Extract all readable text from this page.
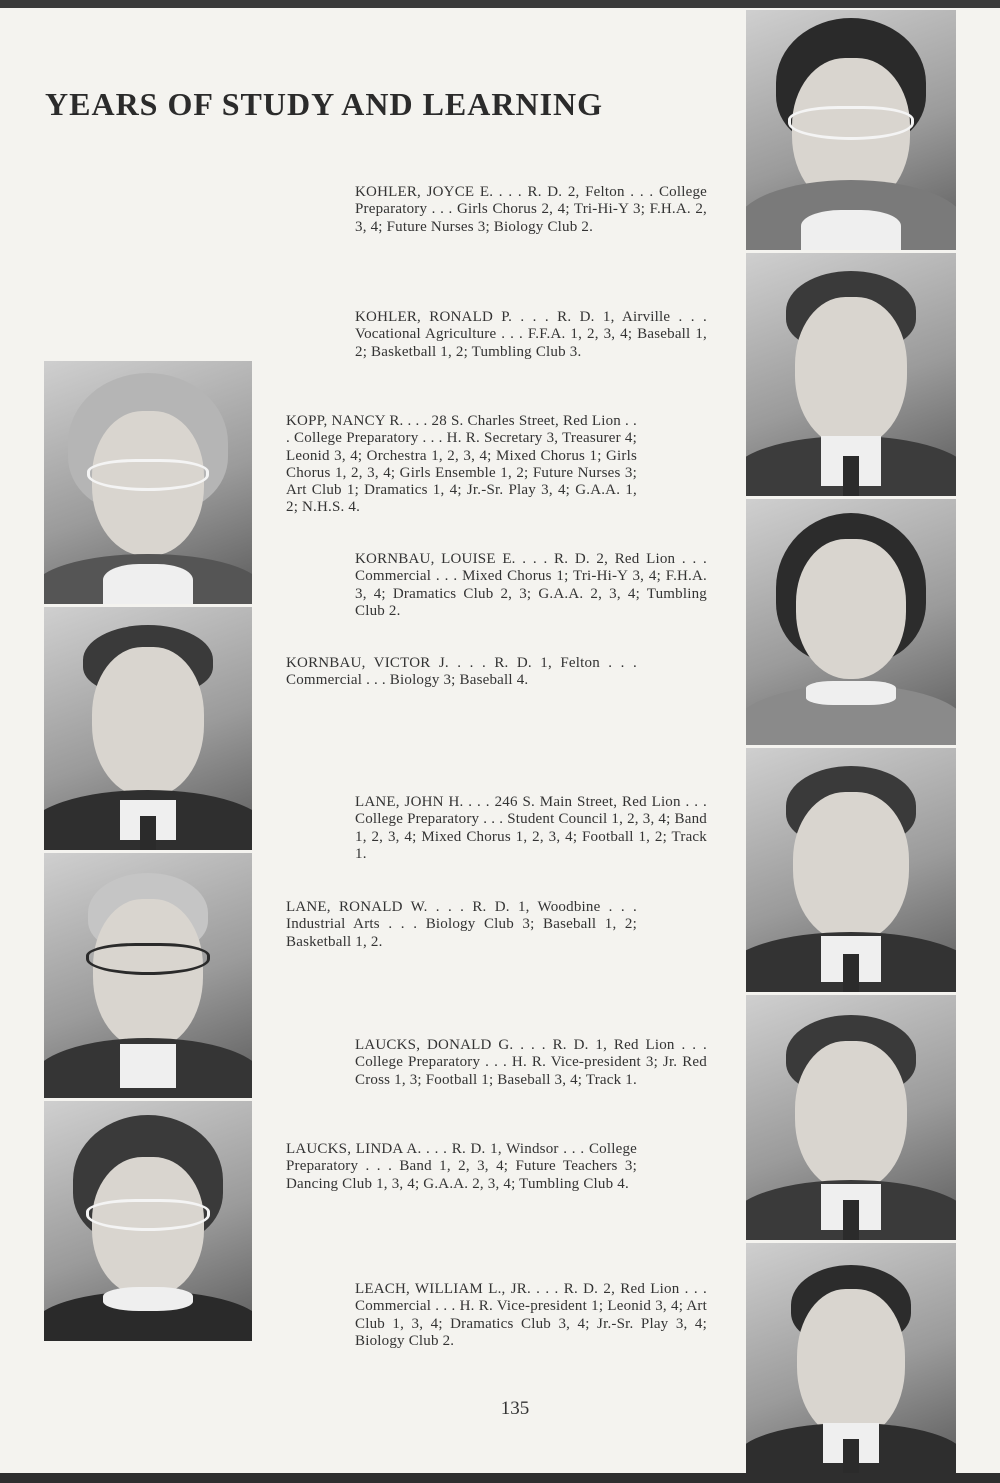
YEARS OF STUDY AND LEARNING

KOHLER, JOYCE E. . . . R. D. 2, Felton . . . College Preparatory . . . Girls Chorus 2, 4; Tri-Hi-Y 3; F.H.A. 2, 3, 4; Future Nurses 3; Biology Club 2.

KOHLER, RONALD P. . . . R. D. 1, Airville . . . Vocational Agriculture . . . F.F.A. 1, 2, 3, 4; Baseball 1, 2; Basketball 1, 2; Tumbling Club 3.

KOPP, NANCY R. . . . 28 S. Charles Street, Red Lion . . . College Preparatory . . . H. R. Secretary 3, Treasurer 4; Leonid 3, 4; Orchestra 1, 2, 3, 4; Mixed Chorus 1; Girls Chorus 1, 2, 3, 4; Girls Ensemble 1, 2; Future Nurses 3; Art Club 1; Dramatics 1, 4; Jr.-Sr. Play 3, 4; G.A.A. 1, 2; N.H.S. 4.

KORNBAU, LOUISE E. . . . R. D. 2, Red Lion . . . Commercial . . . Mixed Chorus 1; Tri-Hi-Y 3, 4; F.H.A. 3, 4; Dramatics Club 2, 3; G.A.A. 2, 3, 4; Tumbling Club 2.

KORNBAU, VICTOR J. . . . R. D. 1, Felton . . . Commercial . . . Biology 3; Baseball 4.

LANE, JOHN H. . . . 246 S. Main Street, Red Lion . . . College Preparatory . . . Student Council 1, 2, 3, 4; Band 1, 2, 3, 4; Mixed Chorus 1, 2, 3, 4; Football 1, 2; Track 1.

LANE, RONALD W. . . . R. D. 1, Woodbine . . . Industrial Arts . . . Biology Club 3; Baseball 1, 2; Basketball 1, 2.

LAUCKS, DONALD G. . . . R. D. 1, Red Lion . . . College Preparatory . . . H. R. Vice-president 3; Jr. Red Cross 1, 3; Football 1; Baseball 3, 4; Track 1.

LAUCKS, LINDA A. . . . R. D. 1, Windsor . . . College Preparatory . . . Band 1, 2, 3, 4; Future Teachers 3; Dancing Club 1, 3, 4; G.A.A. 2, 3, 4; Tumbling Club 4.

LEACH, WILLIAM L., JR. . . . R. D. 2, Red Lion . . . Commercial . . . H. R. Vice-president 1; Leonid 3, 4; Art Club 1, 3, 4; Dramatics Club 3, 4; Jr.-Sr. Play 3, 4; Biology Club 2.

135
